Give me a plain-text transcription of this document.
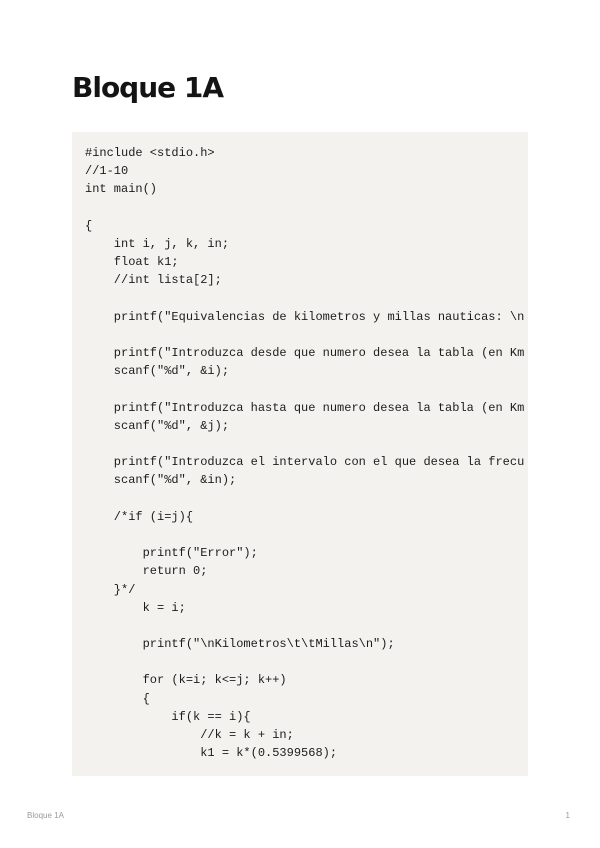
Bloque 1A
#include <stdio.h>
//1-10
int main()
{
int i, j, k, in;
float k1;
//int lista[2];
printf("Equivalencias de kilometros y millas nauticas: \n
printf("Introduzca desde que numero desea la tabla (en Km
scanf("%d", &i);
printf("Introduzca hasta que numero desea la tabla (en Km
scanf("%d", &j);
printf("Introduzca el intervalo con el que desea la frecu
scanf("%d", &in);
/*if (i=j){
printf("Error");
return 0;
}*/
k = i;
printf("\nKilometros\t\tMillas\n");
for (k=i; k<=j; k++)
{
if(k == i){
//k = k + in;
k1 = k*(0.5399568);
Bloque 1A	1
